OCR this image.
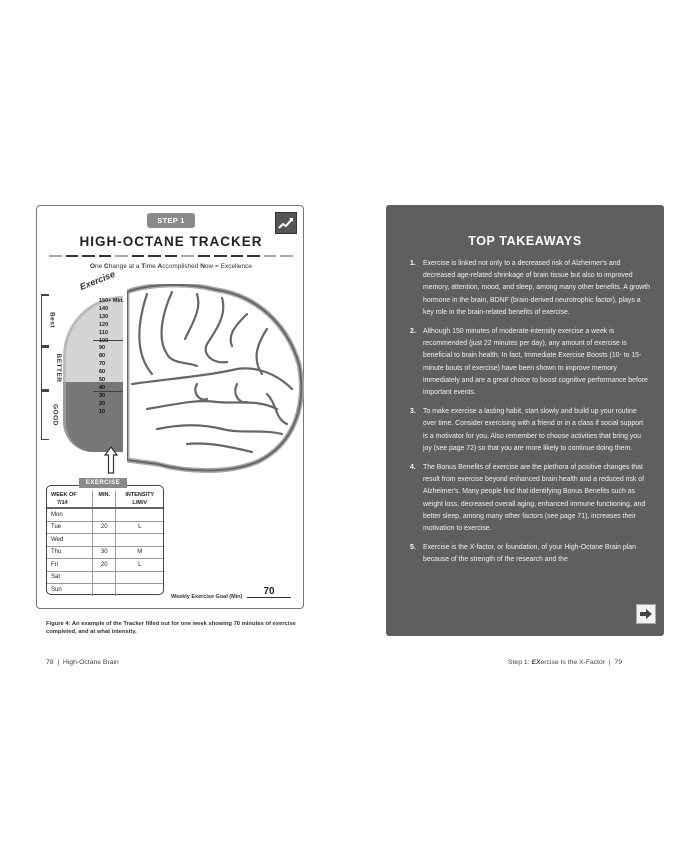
STEP 1
HIGH-OCTANE TRACKER
One Change at a Time Accomplished Now = Excellence
Best
BETTER
GOOD
Exercise
150+ Min.
140
130
120
110
100
90
80
70
60
50
40
30
20
10
WEEK OF	MIN.	INTENSITY
7/14		L/M/V
Mon		
Tue	20	L
Wed		
Thu	30	M
Fri	20	L
Sat		
Sun		
EXERCISE
Weekly Exercise Goal (Min)	70
Figure 4: An example of the Tracker filled out for one week showing 70 minutes of exercise completed, and at what intensity.
78  |  High-Octane Brain
TOP TAKEAWAYS
1.	Exercise is linked not only to a decreased risk of Alzheimer's and decreased age-related shrinkage of brain tissue but also to improved memory, attention, mood, and sleep, among many other benefits. A growth hormone in the brain, BDNF (brain-derived neurotrophic factor), plays a key role in the brain-related benefits of exercise.
2.	Although 150 minutes of moderate-intensity exercise a week is recommended (just 22 minutes per day), any amount of exercise is beneficial to brain health. In fact, Immediate Exercise Boosts (10- to 15-minute bouts of exercise) have been shown to improve memory immediately and are a great choice to boost cognitive performance before important events.
3.	To make exercise a lasting habit, start slowly and build up your routine over time. Consider exercising with a friend or in a class if social support is a motivator for you. Also remember to choose activities that bring you joy (see page 72) so that you are more likely to continue doing them.
4.	The Bonus Benefits of exercise are the plethora of positive changes that result from exercise beyond enhanced brain health and a reduced risk of Alzheimer's. Many people find that identifying Bonus Benefits such as weight loss, decreased overall aging, enhanced immune functioning, and better sleep, among many other factors (see page 71), increases their motivation to exercise.
5.	Exercise is the X-factor, or foundation, of your High-Octane Brain plan because of the strength of the research and the
Step 1: EXercise Is the X-Factor  |  79
